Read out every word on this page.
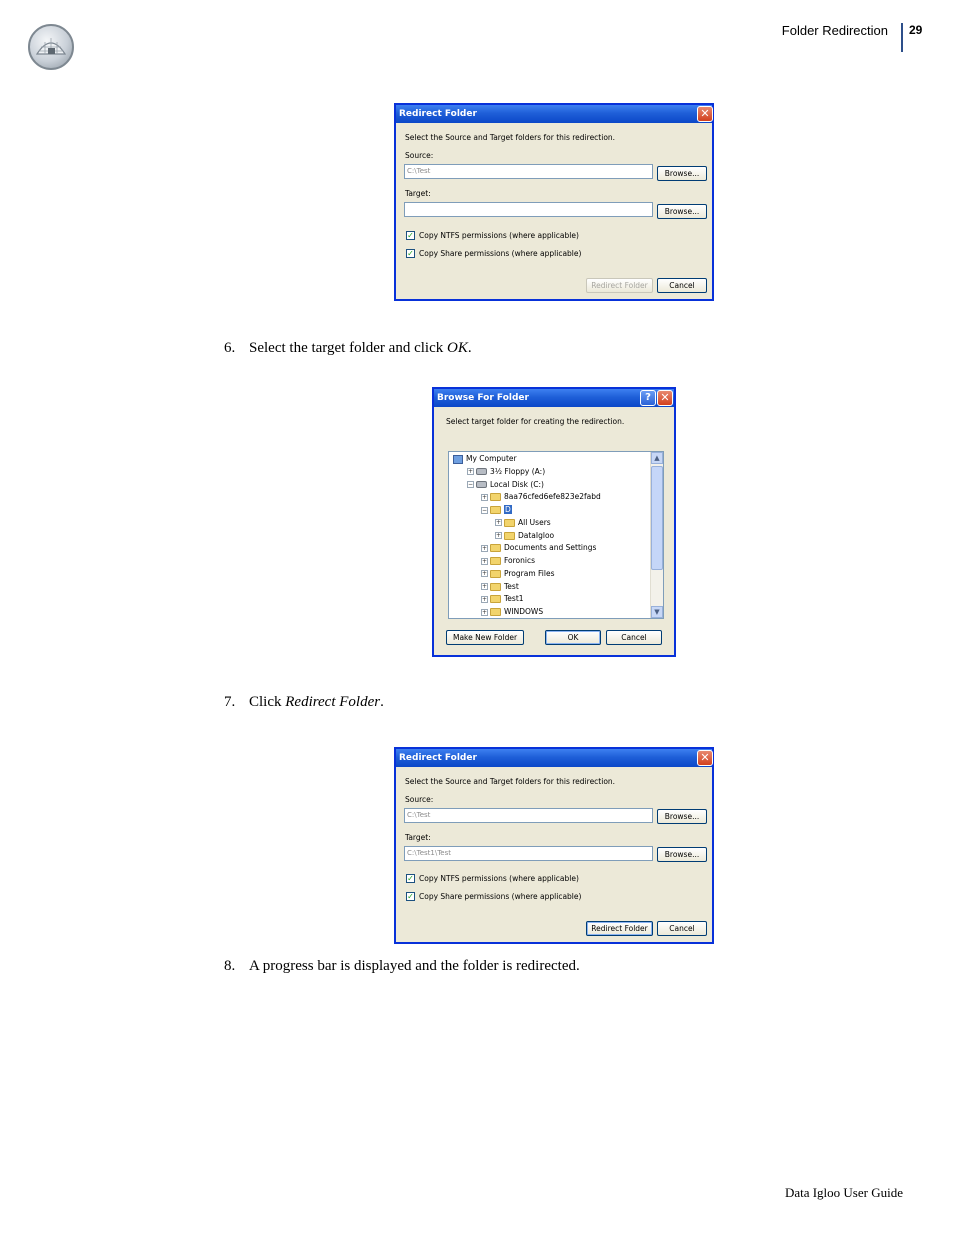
Folder Redirection 29
Redirect Folder	✕
Select the Source and Target folders for this redirection.
Source:
C:\Test	Browse...
Target:
Browse...
✓ Copy NTFS permissions (where applicable)
✓ Copy Share permissions (where applicable)
Redirect Folder	Cancel
6. Select the target folder and click OK.
Browse For Folder	? ✕
Select target folder for creating the redirection.
▲
▼
My Computer
+ 3½ Floppy (A:)
− Local Disk (C:)
+ 8aa76cfed6efe823e2fabd
− D
+ All Users
+ DataIgloo
+ Documents and Settings
+ Foronics
+ Program Files
+ Test
+ Test1
+ WINDOWS
Make New Folder	OK	Cancel
7. Click Redirect Folder.
Redirect Folder	✕
Select the Source and Target folders for this redirection.
Source:
C:\Test	Browse...
Target:
C:\Test1\Test	Browse...
✓ Copy NTFS permissions (where applicable)
✓ Copy Share permissions (where applicable)
Redirect Folder	Cancel
8. A progress bar is displayed and the folder is redirected.
Data Igloo User Guide
